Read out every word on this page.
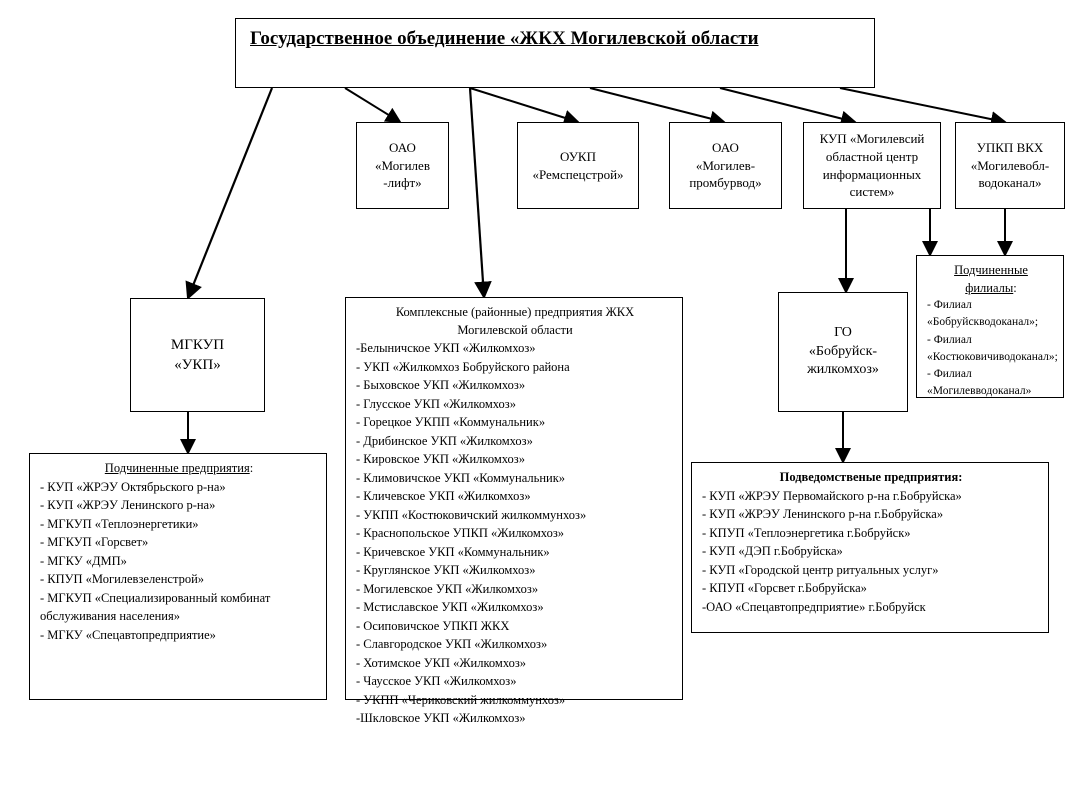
Государственное объединение «ЖКХ Могилевской области
ОАО
«Могилев
-лифт»
ОУКП
«Ремспецстрой»
ОАО
«Могилев-
промбурвод»
КУП «Могилевсий
областной центр
информационных
систем»
УПКП ВКХ
«Могилевобл-
водоканал»
МГКУП
«УКП»
ГО
«Бобруйск-
жилкомхоз»
Подчиненные предприятия:
- КУП «ЖРЭУ Октябрьского р-на»
- КУП «ЖРЭУ Ленинского р-на»
- МГКУП «Теплоэнергетики»
- МГКУП «Горсвет»
- МГКУ «ДМП»
- КПУП «Могилевзеленстрой»
- МГКУП «Специализированный комбинат обслуживания населения»
- МГКУ «Спецавтопредприятие»
Комплексные (районные) предприятия ЖКХ
Могилевской области
-Белыничское УКП «Жилкомхоз»
- УКП «Жилкомхоз Бобруйского района
- Быховское УКП «Жилкомхоз»
- Глусское УКП «Жилкомхоз»
- Горецкое УКПП «Коммунальник»
- Дрибинское УКП «Жилкомхоз»
- Кировское УКП «Жилкомхоз»
- Климовичское УКП «Коммунальник»
- Кличевское УКП «Жилкомхоз»
- УКПП «Костюковичский жилкоммунхоз»
- Краснопольское УПКП «Жилкомхоз»
- Кричевское УКП «Коммунальник»
- Круглянское УКП «Жилкомхоз»
- Могилевское УКП «Жилкомхоз»
- Мстиславское УКП «Жилкомхоз»
- Осиповичское УПКП ЖКХ
- Славгородское УКП «Жилкомхоз»
- Хотимское УКП «Жилкомхоз»
- Чаусское УКП «Жилкомхоз»
- УКПП «Чериковский жилкоммунхоз»
-Шкловское УКП «Жилкомхоз»
Подчиненные
филиалы:
- Филиал
«Бобруйскводоканал»;
- Филиал
«Костюковичиводоканал»;
- Филиал
«Могилевводоканал»
Подведомственые предприятия:
- КУП «ЖРЭУ Первомайского р-на г.Бобруйска»
- КУП «ЖРЭУ Ленинского р-на г.Бобруйска»
- КПУП «Теплоэнергетика г.Бобруйск»
- КУП «ДЭП г.Бобруйска»
- КУП «Городской центр ритуальных услуг»
- КПУП «Горсвет г.Бобруйска»
-ОАО «Спецавтопредприятие» г.Бобруйск
